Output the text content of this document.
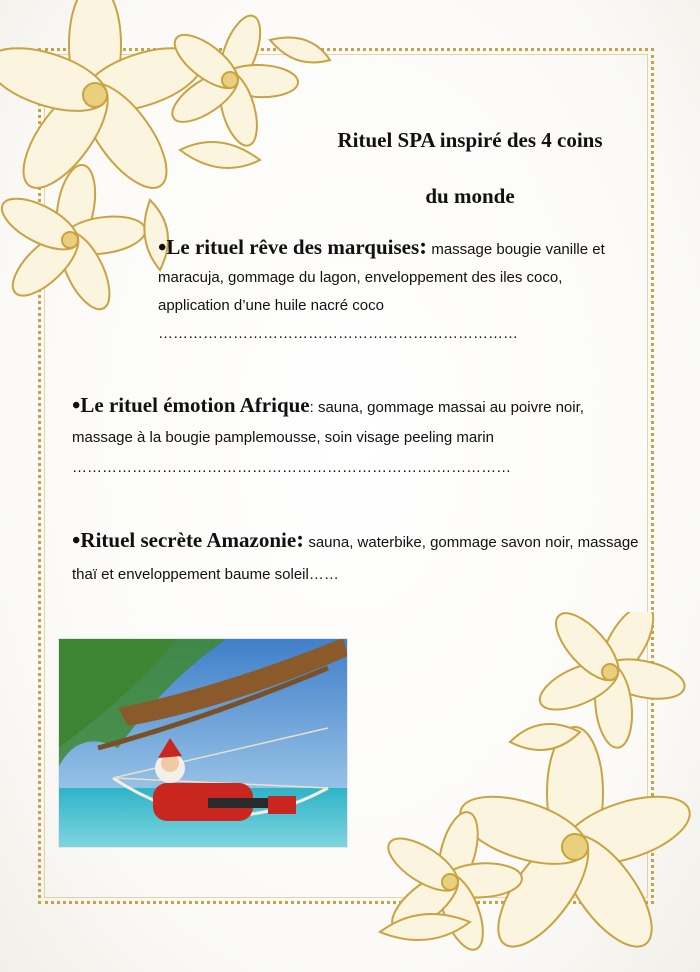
Rituel SPA inspiré des 4 coins
du monde
•Le rituel rêve des marquises: massage bougie vanille et maracuja, gommage du lagon, enveloppement des iles coco, application d’une huile nacré coco ………………………………………………………………
•Le rituel émotion Afrique: sauna, gommage massai au poivre noir, massage à la bougie pamplemousse, soin visage peeling marin ……………………………………………………………….……………
•Rituel secrète Amazonie: sauna, waterbike, gommage savon noir, massage thaï et enveloppement baume soleil……
